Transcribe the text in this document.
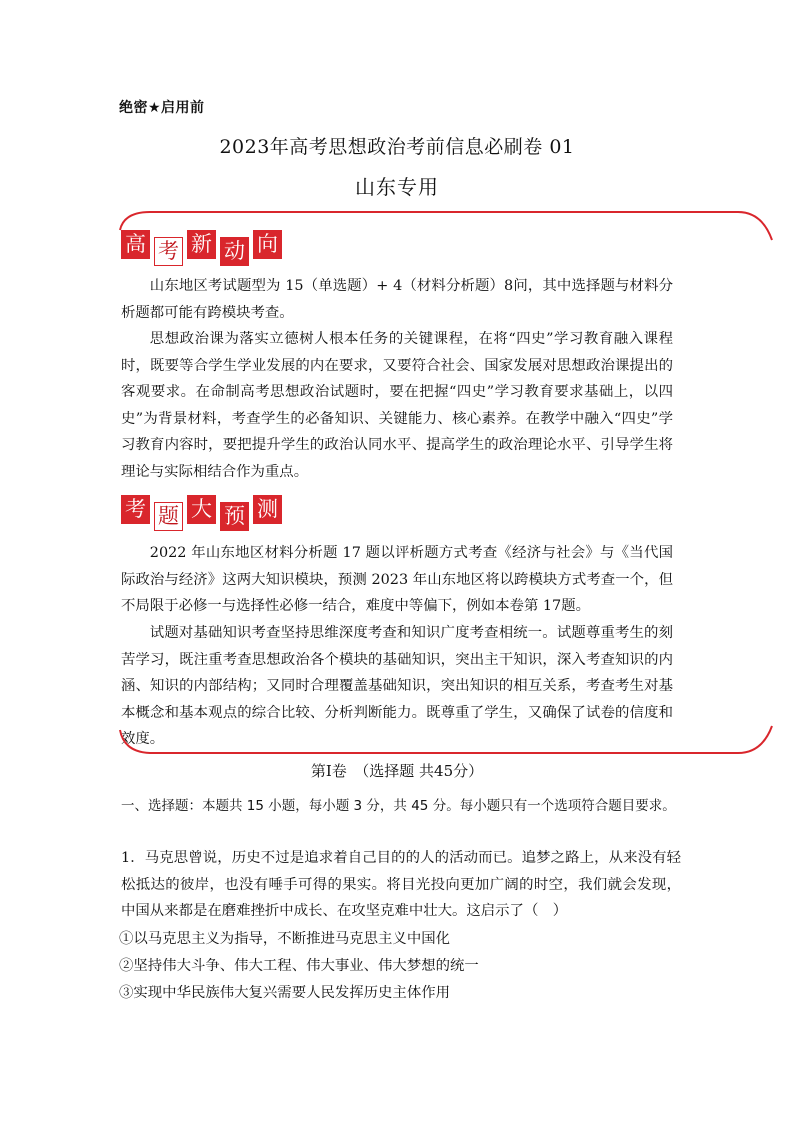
绝密★启用前
2023年高考思想政治考前信息必刷卷 01
山东专用
高 考 新 动 向

山东地区考试题型为 15（单选题）+ 4（材料分析题）8问，其中选择题与材料分析题都可能有跨模块考查。

思想政治课为落实立德树人根本任务的关键课程，在将“四史”学习教育融入课程时，既要等合学生学业发展的内在要求，又要符合社会、国家发展对思想政治课提出的客观要求。在命制高考思想政治试题时，要在把握“四史”学习教育要求基础上，以四史”为背景材料，考查学生的必备知识、关键能力、核心素养。在教学中融入“四史”学习教育内容时，要把提升学生的政治认同水平、提高学生的政治理论水平、引导学生将理论与实际相结合作为重点。

考 题 大 预 测

2022 年山东地区材料分析题 17 题以评析题方式考查《经济与社会》与《当代国际政治与经济》这两大知识模块，预测 2023 年山东地区将以跨模块方式考查一个，但不局限于必修一与选择性必修一结合，难度中等偏下，例如本卷第 17题。

试题对基础知识考查坚持思维深度考查和知识广度考查相统一。试题尊重考生的刻苦学习，既注重考查思想政治各个模块的基础知识，突出主干知识，深入考查知识的内涵、知识的内部结构；又同时合理覆盖基础知识，突出知识的相互关系，考查考生对基本概念和基本观点的综合比较、分析判断能力。既尊重了学生，又确保了试卷的信度和效度。

第Ⅰ卷　（选择题 共45分）

一、选择题：本题共 15 小题，每小题 3 分，共 45 分。每小题只有一个选项符合题目要求。

1．马克思曾说，历史不过是追求着自己目的的人的活动而已。追梦之路上，从来没有轻松抵达的彼岸，也没有唾手可得的果实。将目光投向更加广阔的时空，我们就会发现，中国从来都是在磨难挫折中成长、在攻坚克难中壮大。这启示了（　）

①以马克思主义为指导，不断推进马克思主义中国化

②坚持伟大斗争、伟大工程、伟大事业、伟大梦想的统一

③实现中华民族伟大复兴需要人民发挥历史主体作用
